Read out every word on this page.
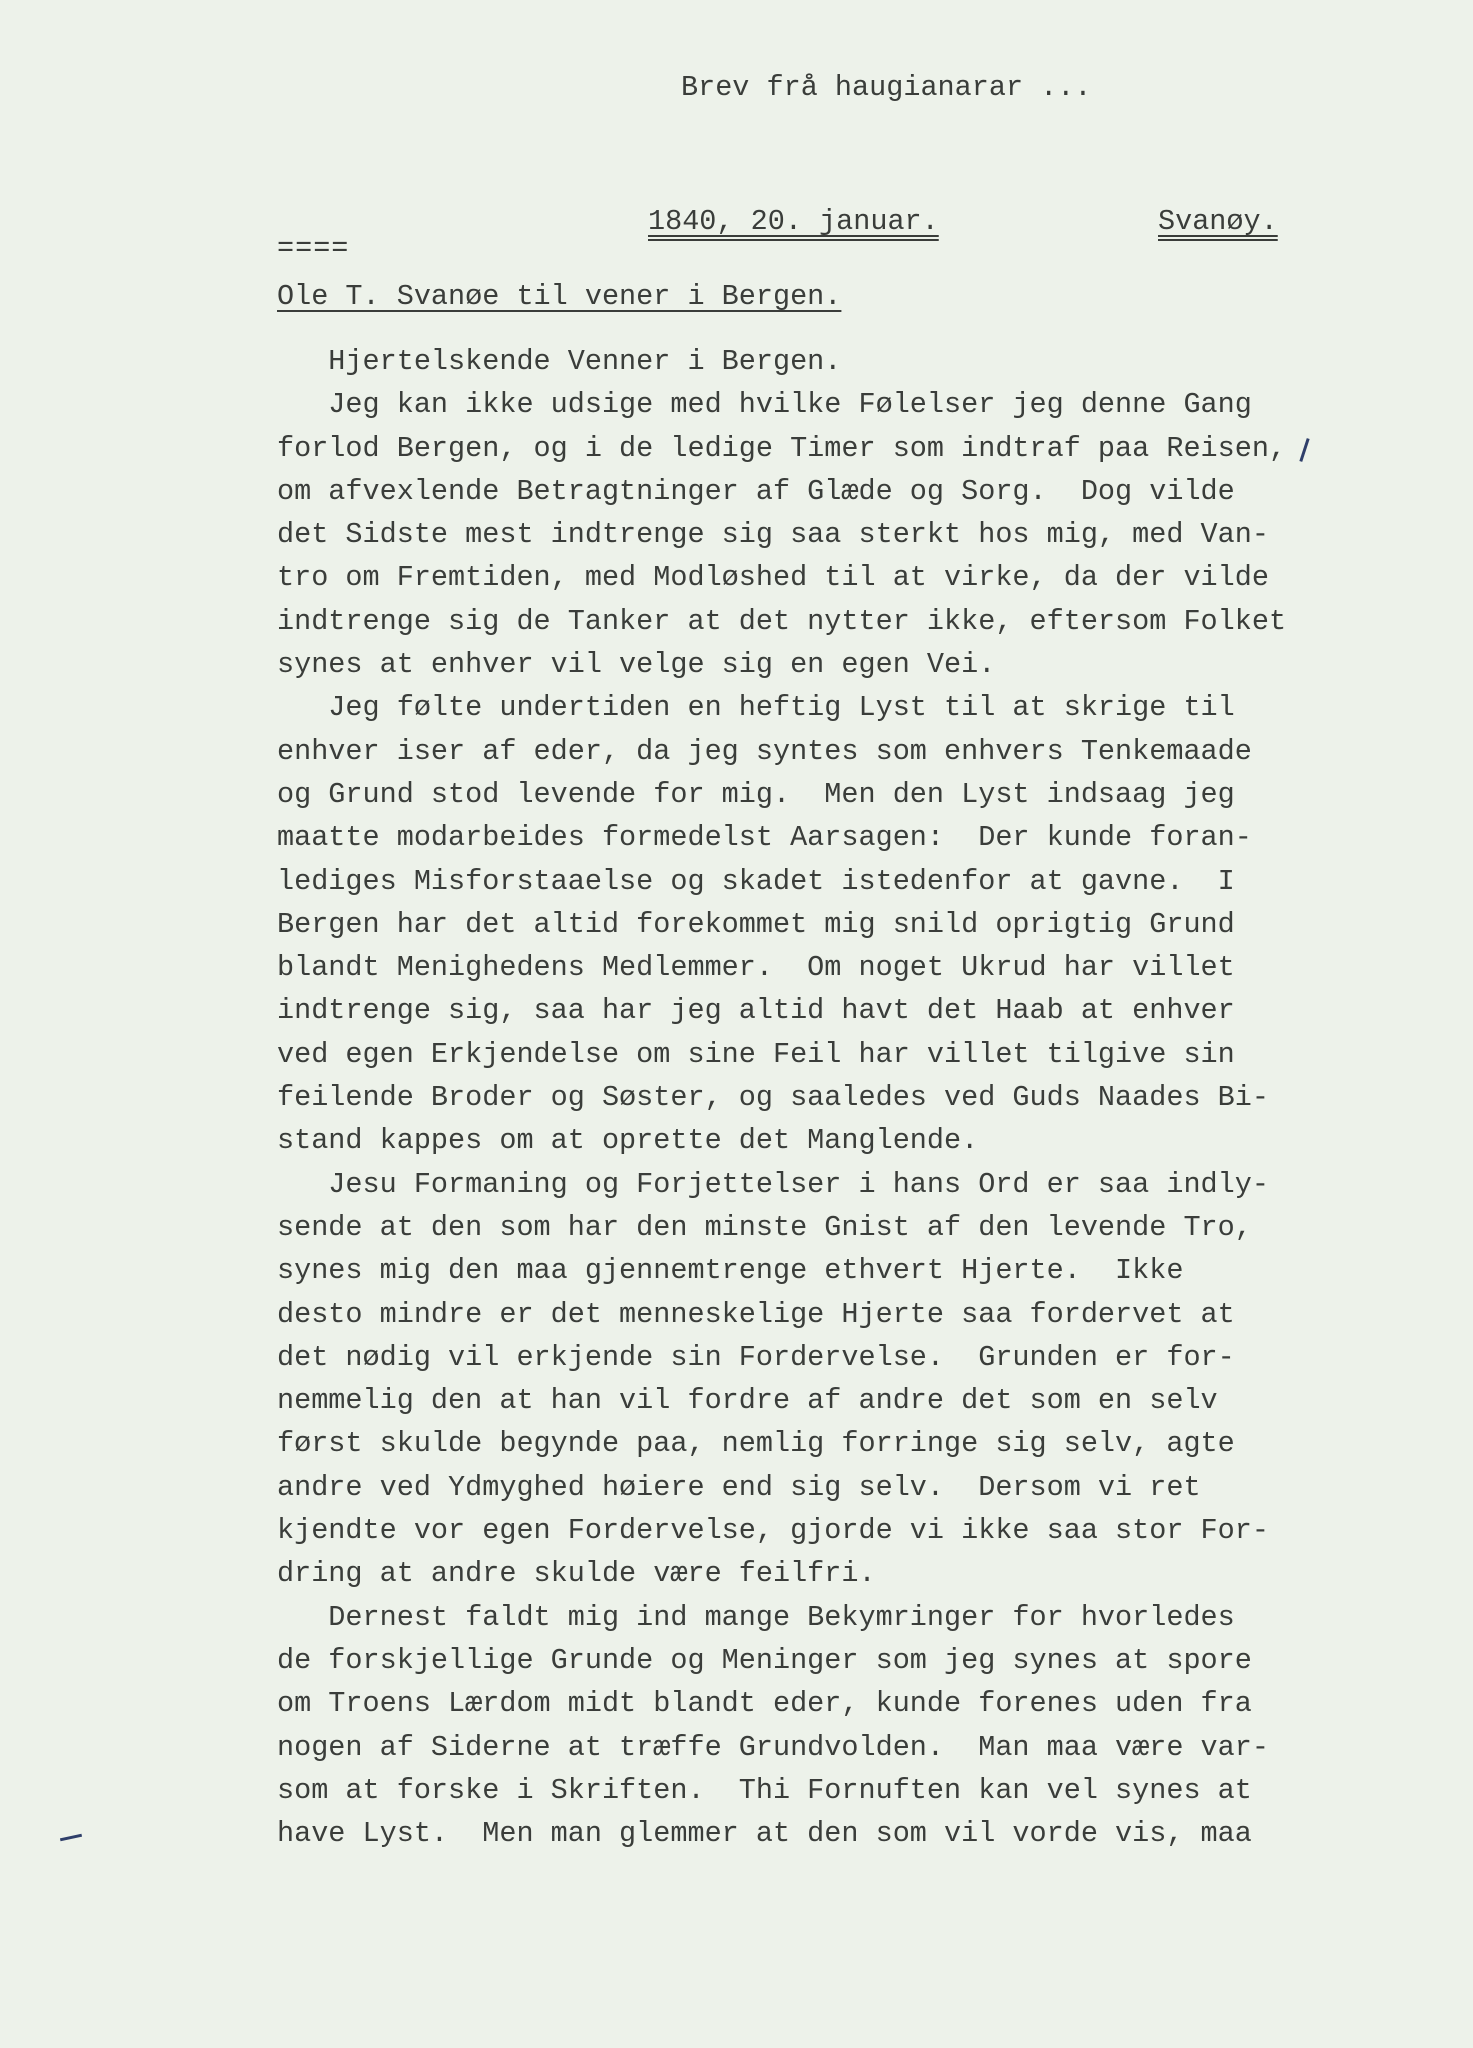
Brev frå haugianarar ...
====
1840, 20. januar.	Svanøy.
Ole T. Svanøe til vener i Bergen.
Hjertelskende Venner i Bergen.
Jeg kan ikke udsige med hvilke Følelser jeg denne Gang
forlod Bergen, og i de ledige Timer som indtraf paa Reisen,
om afvexlende Betragtninger af Glæde og Sorg.  Dog vilde
det Sidste mest indtrenge sig saa sterkt hos mig, med Van-
tro om Fremtiden, med Modløshed til at virke, da der vilde
indtrenge sig de Tanker at det nytter ikke, eftersom Folket
synes at enhver vil velge sig en egen Vei.
Jeg følte undertiden en heftig Lyst til at skrige til
enhver iser af eder, da jeg syntes som enhvers Tenkemaade
og Grund stod levende for mig.  Men den Lyst indsaag jeg
maatte modarbeides formedelst Aarsagen:  Der kunde foran-
lediges Misforstaaelse og skadet istedenfor at gavne.  I
Bergen har det altid forekommet mig snild oprigtig Grund
blandt Menighedens Medlemmer.  Om noget Ukrud har villet
indtrenge sig, saa har jeg altid havt det Haab at enhver
ved egen Erkjendelse om sine Feil har villet tilgive sin
feilende Broder og Søster, og saaledes ved Guds Naades Bi-
stand kappes om at oprette det Manglende.
Jesu Formaning og Forjettelser i hans Ord er saa indly-
sende at den som har den minste Gnist af den levende Tro,
synes mig den maa gjennemtrenge ethvert Hjerte.  Ikke
desto mindre er det menneskelige Hjerte saa fordervet at
det nødig vil erkjende sin Fordervelse.  Grunden er for-
nemmelig den at han vil fordre af andre det som en selv
først skulde begynde paa, nemlig forringe sig selv, agte
andre ved Ydmyghed høiere end sig selv.  Dersom vi ret
kjendte vor egen Fordervelse, gjorde vi ikke saa stor For-
dring at andre skulde være feilfri.
Dernest faldt mig ind mange Bekymringer for hvorledes
de forskjellige Grunde og Meninger som jeg synes at spore
om Troens Lærdom midt blandt eder, kunde forenes uden fra
nogen af Siderne at træffe Grundvolden.  Man maa være var-
som at forske i Skriften.  Thi Fornuften kan vel synes at
have Lyst.  Men man glemmer at den som vil vorde vis, maa
